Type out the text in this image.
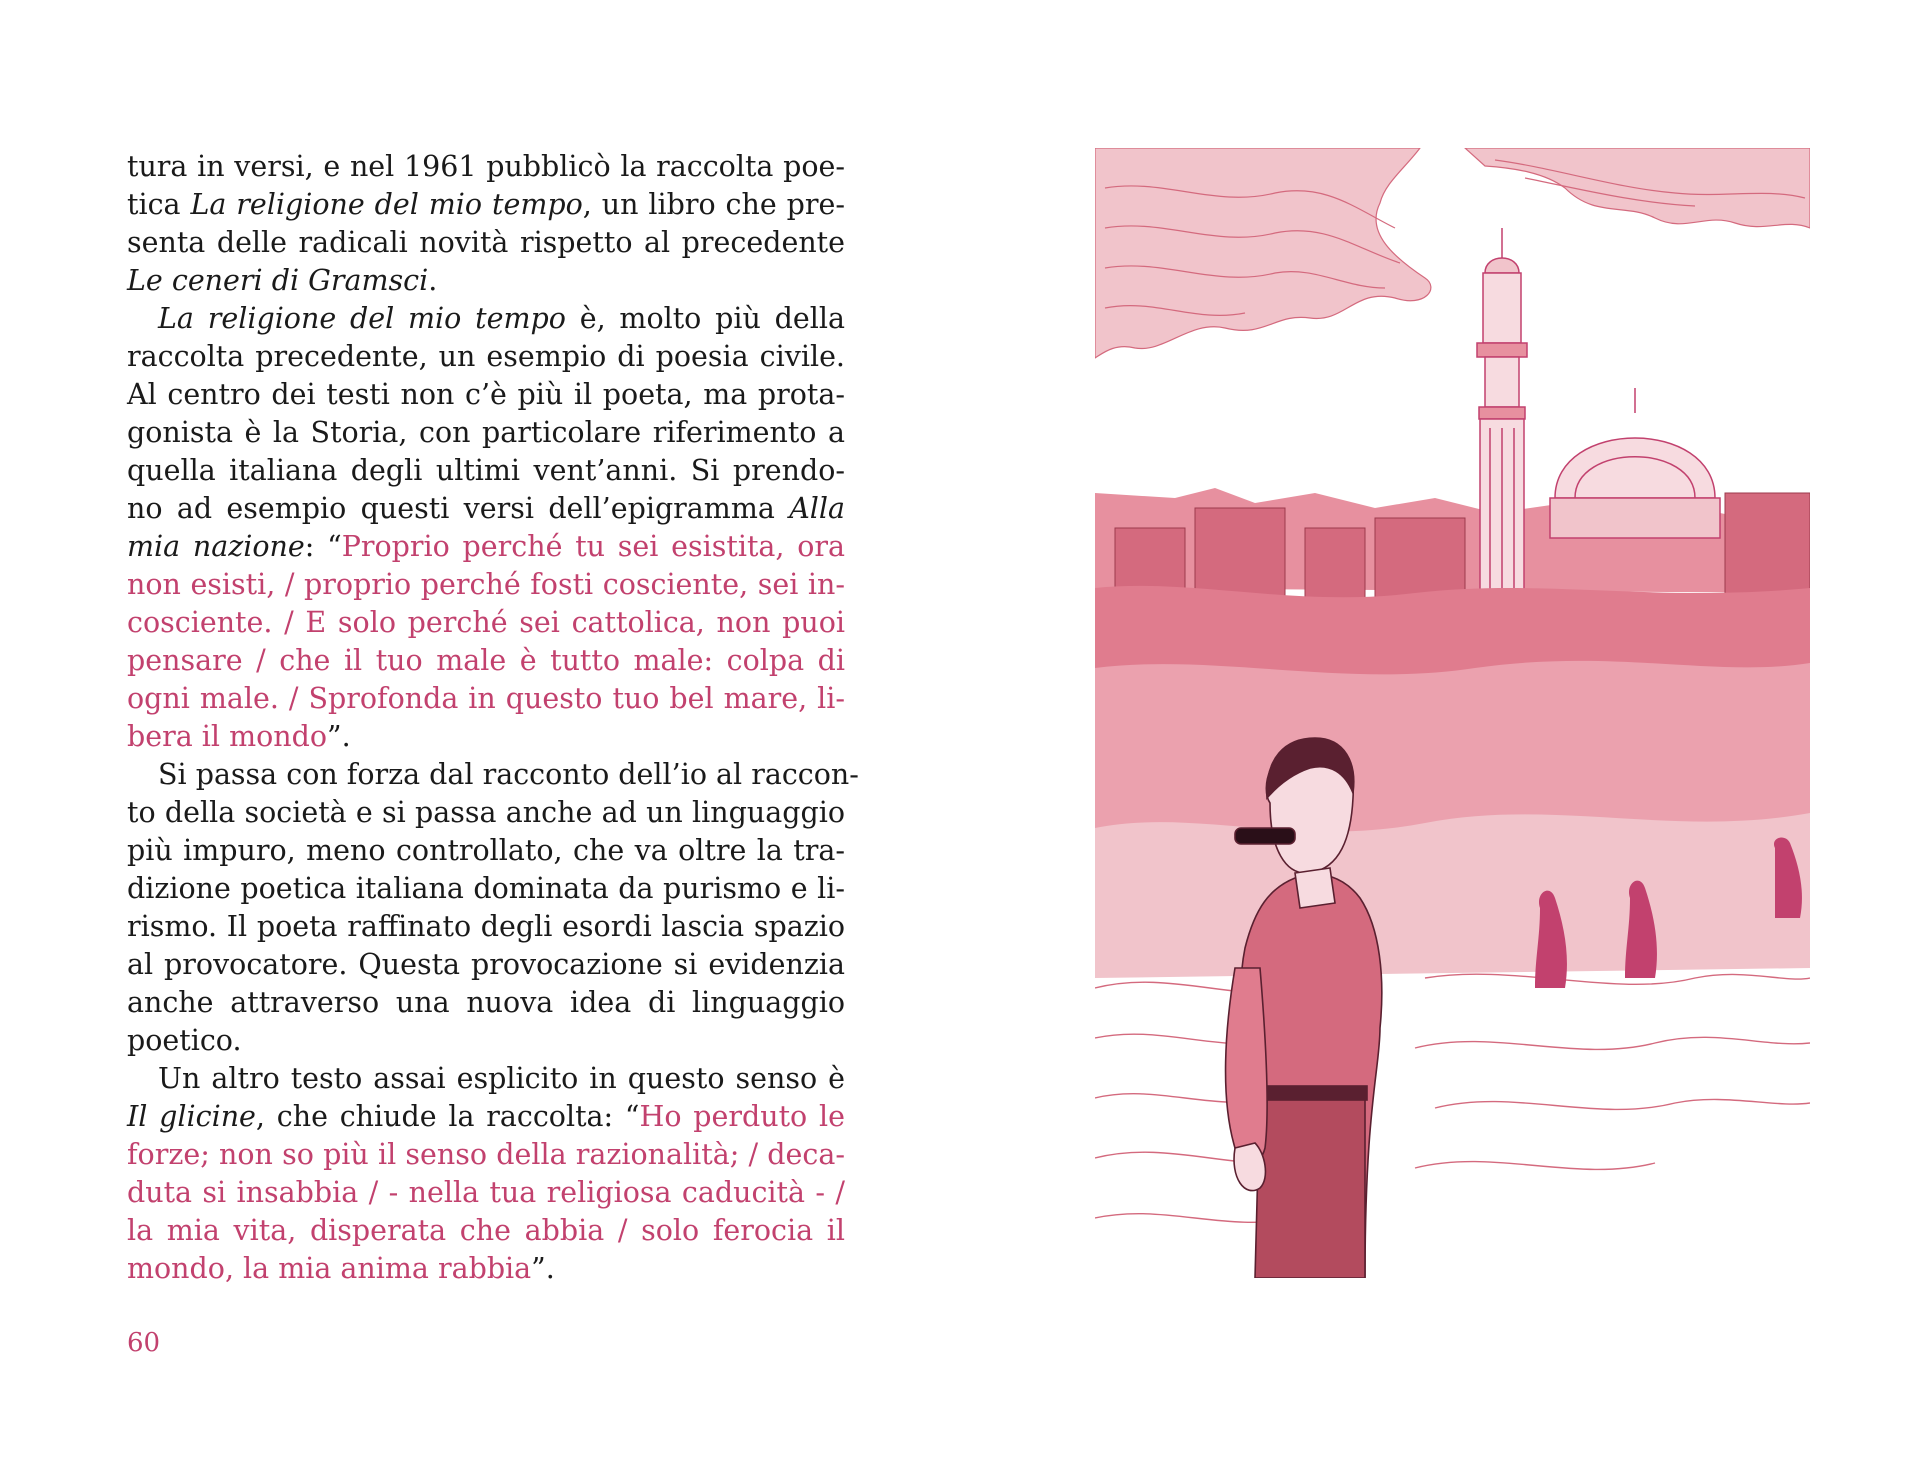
tura in versi, e nel 1961 pubblicò la raccolta poe-
tica La religione del mio tempo, un libro che pre-
senta delle radicali novità rispetto al precedente
Le ceneri di Gramsci.
La religione del mio tempo è, molto più della
raccolta precedente, un esempio di poesia civile.
Al centro dei testi non c’è più il poeta, ma prota-
gonista è la Storia, con particolare riferimento a
quella italiana degli ultimi vent’anni. Si prendo-
no ad esempio questi versi dell’epigramma Alla
mia nazione: “Proprio perché tu sei esistita, ora
non esisti, / proprio perché fosti cosciente, sei in-
cosciente. / E solo perché sei cattolica, non puoi
pensare / che il tuo male è tutto male: colpa di
ogni male. / Sprofonda in questo tuo bel mare, li-
bera il mondo”.
Si passa con forza dal racconto dell’io al raccon-
to della società e si passa anche ad un linguaggio
più impuro, meno controllato, che va oltre la tra-
dizione poetica italiana dominata da purismo e li-
rismo. Il poeta raffinato degli esordi lascia spazio
al provocatore. Questa provocazione si evidenzia
anche attraverso una nuova idea di linguaggio
poetico.
Un altro testo assai esplicito in questo senso è
Il glicine, che chiude la raccolta: “Ho perduto le
forze; non so più il senso della razionalità; / deca-
duta si insabbia / - nella tua religiosa caducità - /
la mia vita, disperata che abbia / solo ferocia il
mondo, la mia anima rabbia”.
60
